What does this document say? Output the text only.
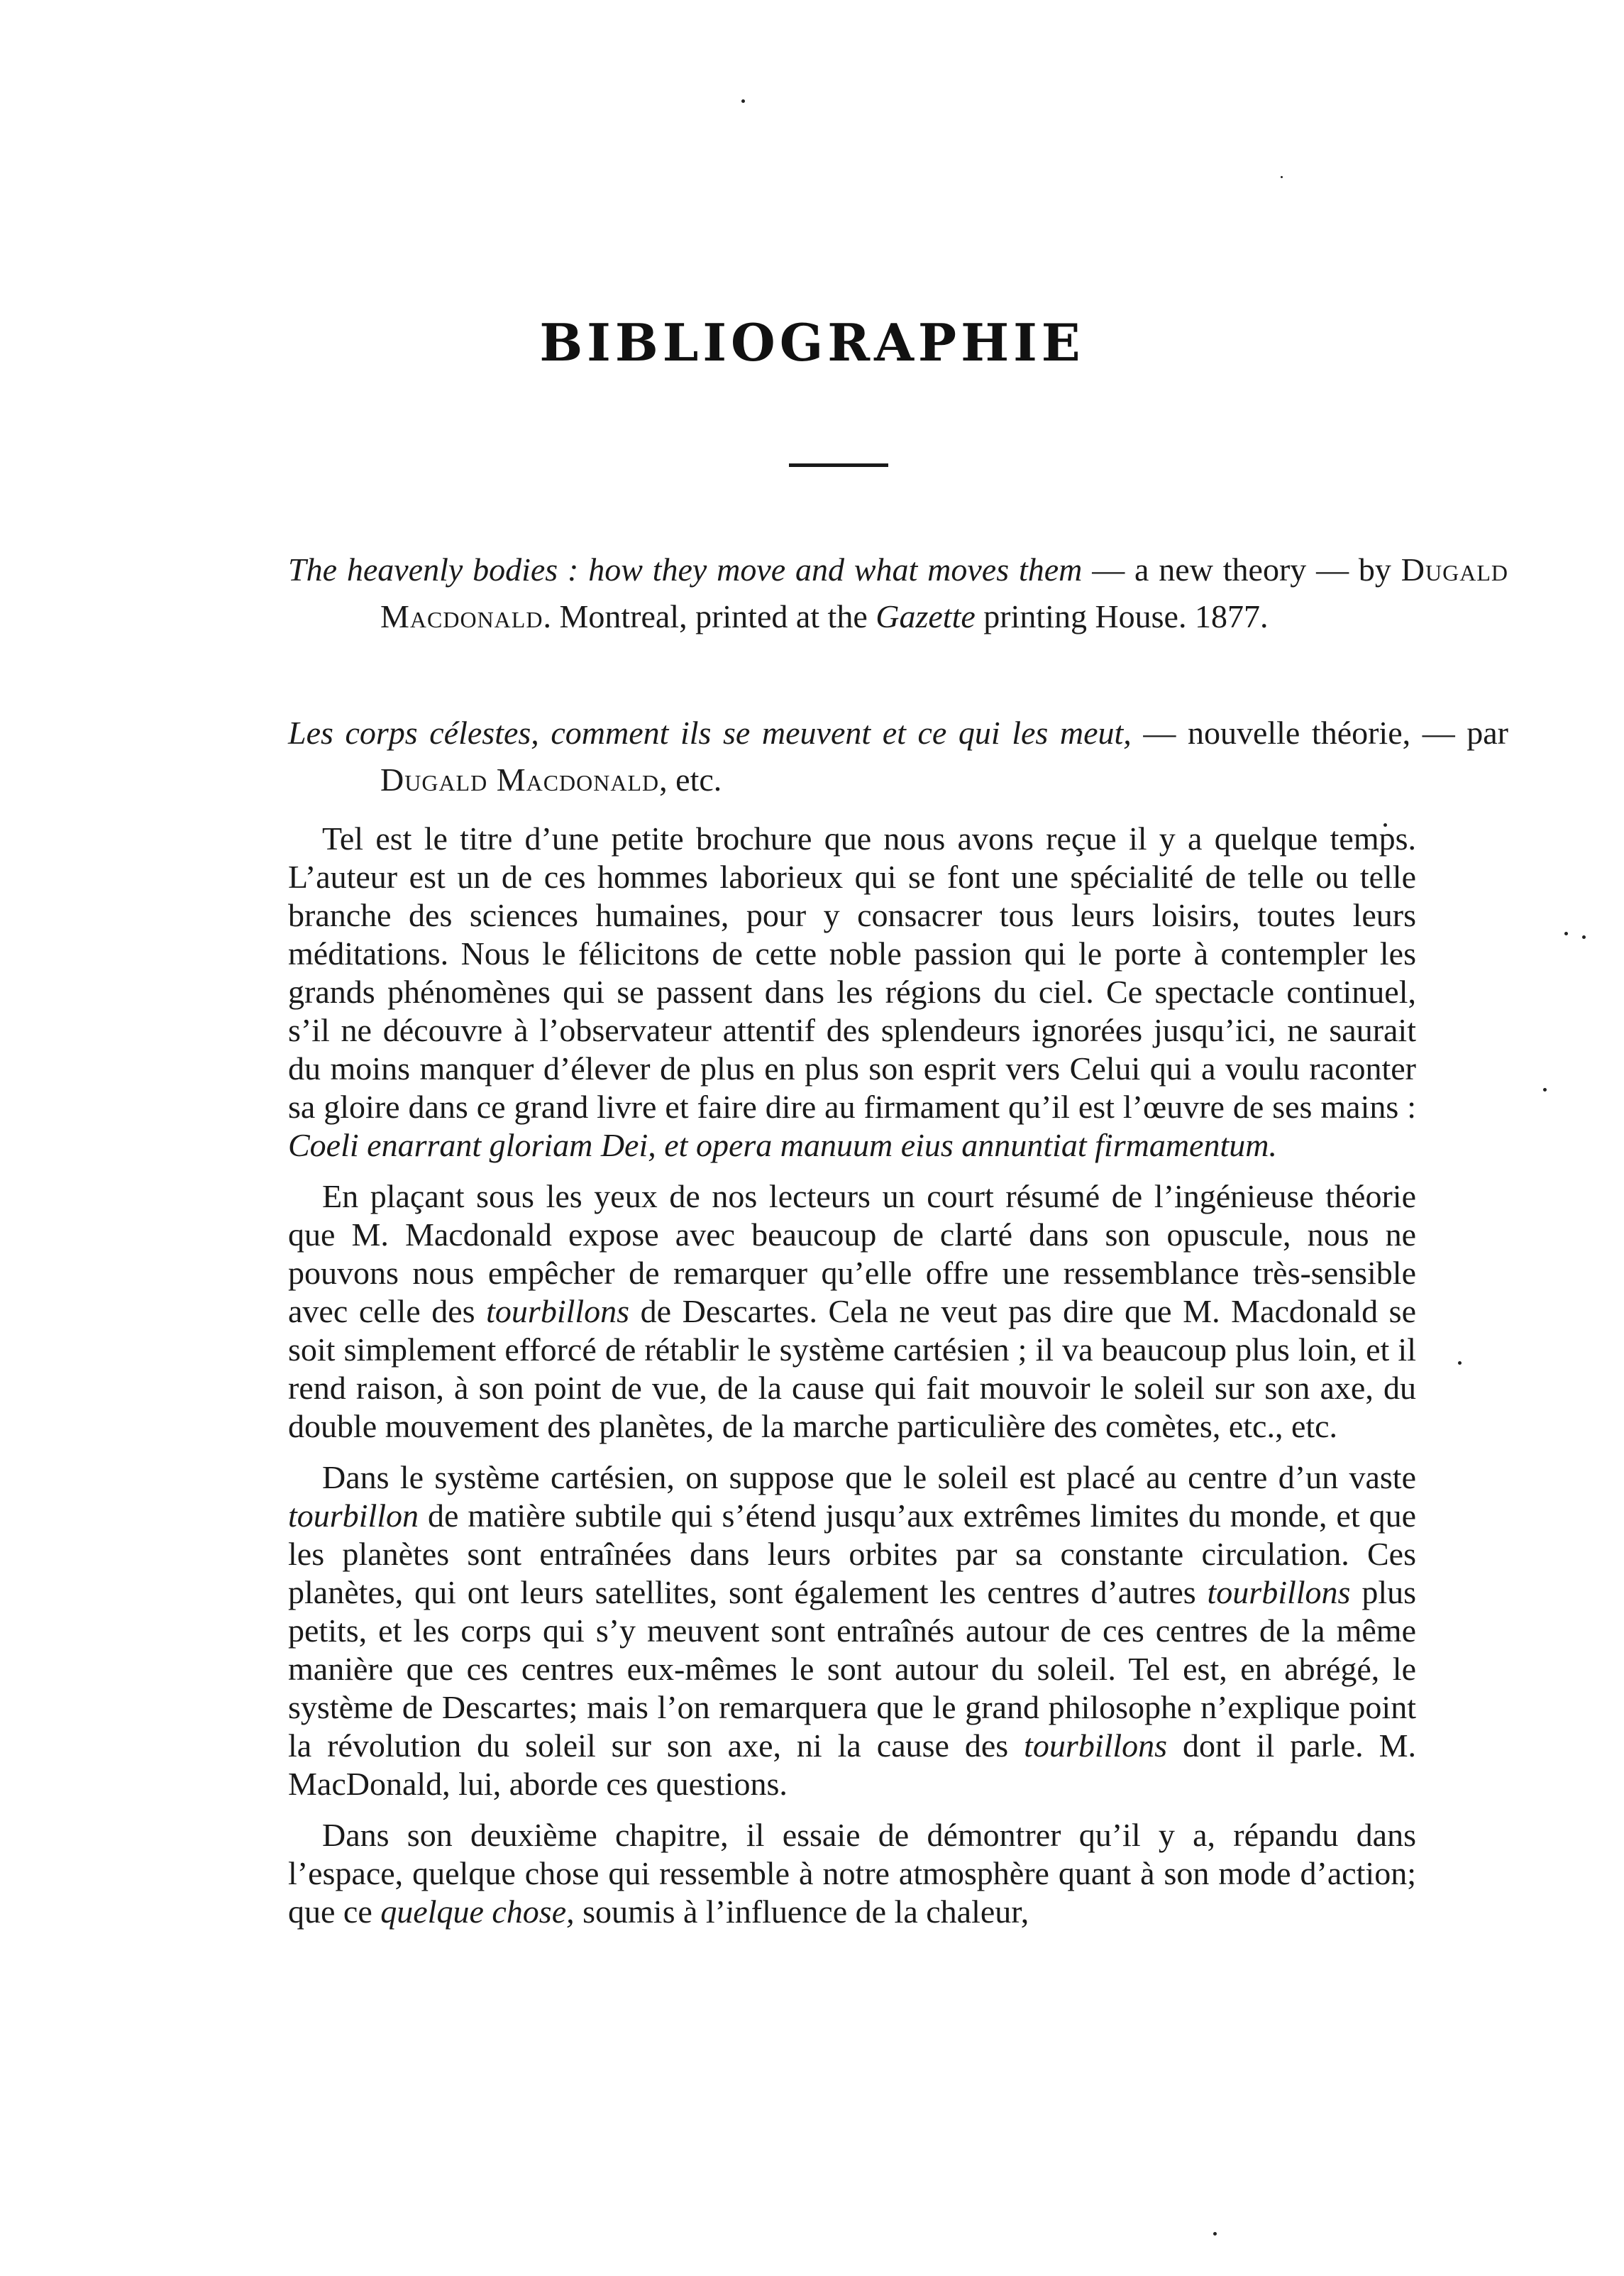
BIBLIOGRAPHIE
The heavenly bodies : how they move and what moves them — a new theory — by Dugald Macdonald. Montreal, printed at the Gazette printing House. 1877.
Les corps célestes, comment ils se meuvent et ce qui les meut, — nouvelle théorie, — par Dugald Macdonald, etc.

Tel est le titre d’une petite brochure que nous avons reçue il y a quelque temps. L’auteur est un de ces hommes laborieux qui se font une spécialité de telle ou telle branche des sciences humaines, pour y consacrer tous leurs loisirs, toutes leurs méditations. Nous le félicitons de cette noble passion qui le porte à contempler les grands phénomènes qui se passent dans les régions du ciel. Ce spectacle continuel, s’il ne découvre à l’observateur attentif des splendeurs ignorées jusqu’ici, ne saurait du moins manquer d’élever de plus en plus son esprit vers Celui qui a voulu raconter sa gloire dans ce grand livre et faire dire au firmament qu’il est l’œuvre de ses mains : Coeli enarrant gloriam Dei, et opera manuum eius annuntiat firmamentum.

En plaçant sous les yeux de nos lecteurs un court résumé de l’ingénieuse théorie que M. Macdonald expose avec beaucoup de clarté dans son opuscule, nous ne pouvons nous empêcher de remarquer qu’elle offre une ressemblance très-sensible avec celle des tourbillons de Descartes. Cela ne veut pas dire que M. Macdonald se soit simplement efforcé de rétablir le système cartésien ; il va beaucoup plus loin, et il rend raison, à son point de vue, de la cause qui fait mouvoir le soleil sur son axe, du double mouvement des planètes, de la marche particulière des comètes, etc., etc.

Dans le système cartésien, on suppose que le soleil est placé au centre d’un vaste tourbillon de matière subtile qui s’étend jusqu’aux extrêmes limites du monde, et que les planètes sont entraînées dans leurs orbites par sa constante circulation. Ces planètes, qui ont leurs satellites, sont également les centres d’autres tourbillons plus petits, et les corps qui s’y meuvent sont entraînés autour de ces centres de la même manière que ces centres eux-mêmes le sont autour du soleil. Tel est, en abrégé, le système de Descartes; mais l’on remarquera que le grand philosophe n’explique point la révolution du soleil sur son axe, ni la cause des tourbillons dont il parle. M. MacDonald, lui, aborde ces questions.

Dans son deuxième chapitre, il essaie de démontrer qu’il y a, répandu dans l’espace, quelque chose qui ressemble à notre atmosphère quant à son mode d’action; que ce quelque chose, soumis à l’influence de la chaleur,
